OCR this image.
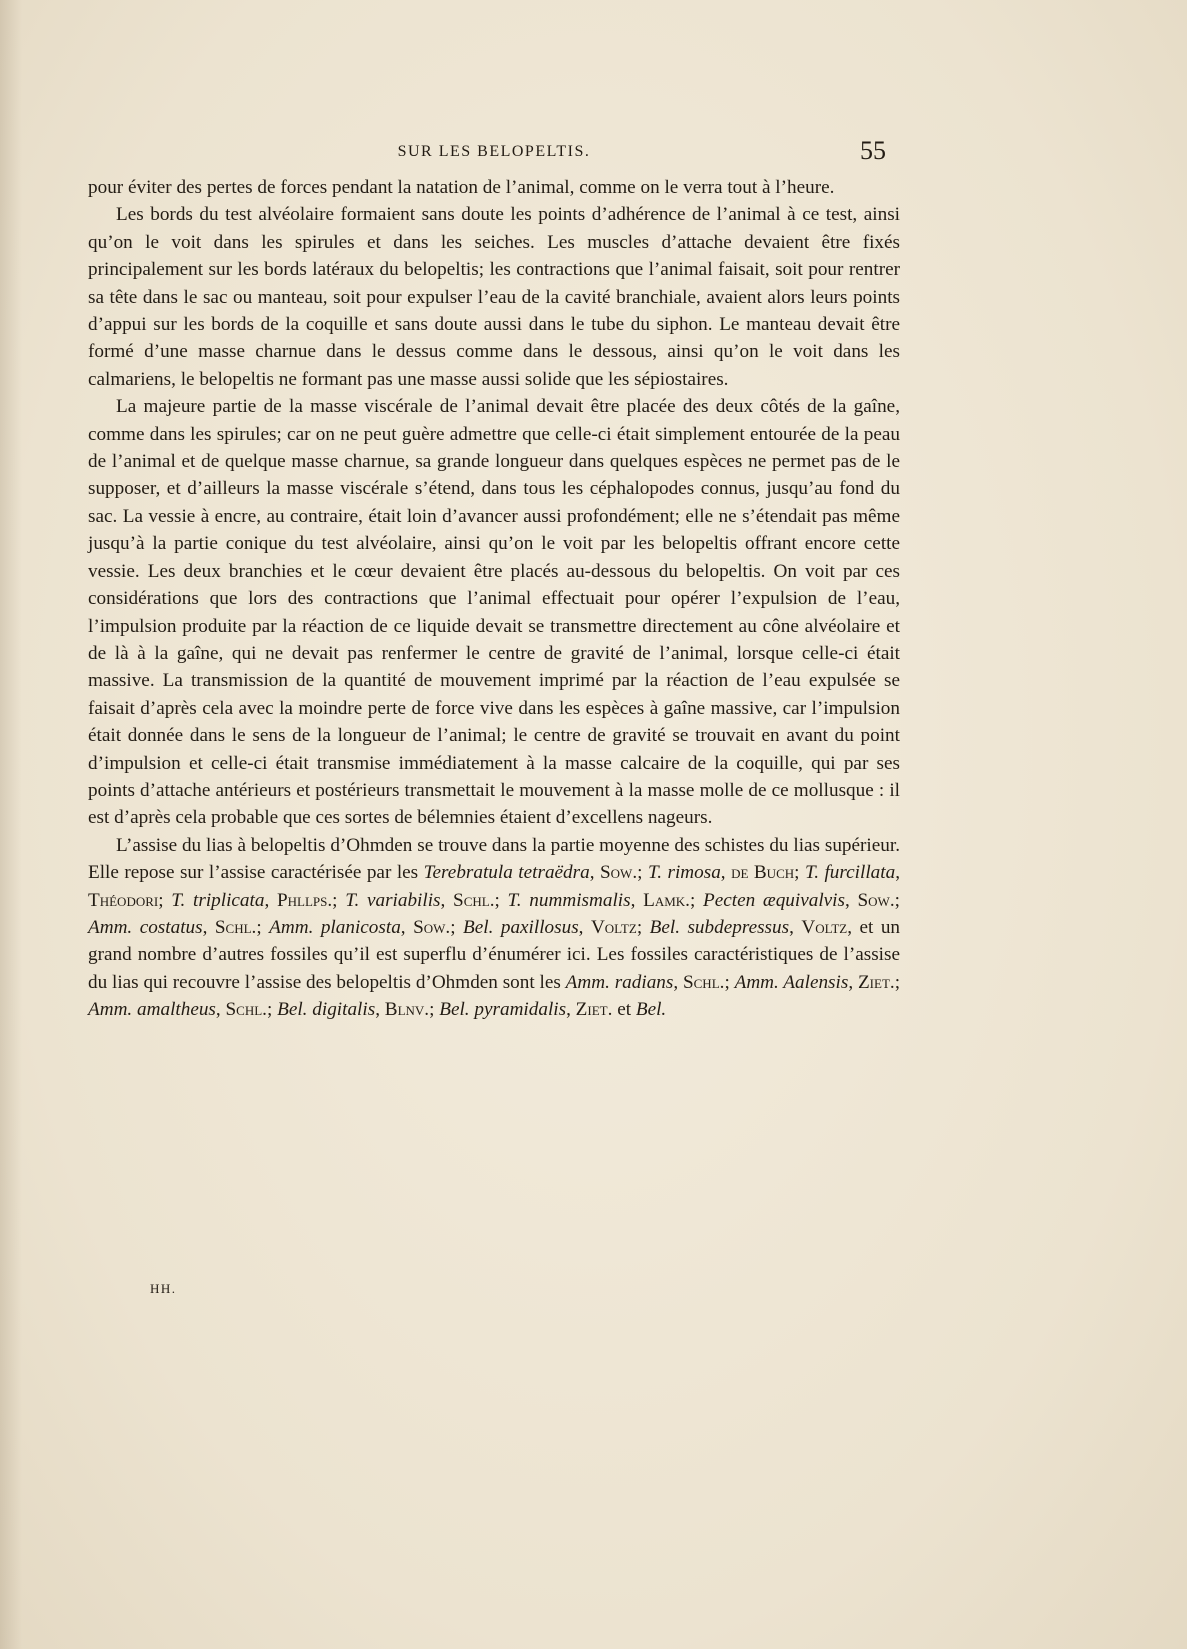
SUR LES BELOPELTIS.	55

pour éviter des pertes de forces pendant la natation de l’animal, comme on le verra tout à l’heure.

Les bords du test alvéolaire formaient sans doute les points d’adhérence de l’animal à ce test, ainsi qu’on le voit dans les spirules et dans les seiches. Les muscles d’attache devaient être fixés principalement sur les bords latéraux du belopeltis; les contractions que l’animal faisait, soit pour rentrer sa tête dans le sac ou manteau, soit pour expulser l’eau de la cavité branchiale, avaient alors leurs points d’appui sur les bords de la coquille et sans doute aussi dans le tube du siphon. Le manteau devait être formé d’une masse charnue dans le dessus comme dans le dessous, ainsi qu’on le voit dans les calmariens, le belopeltis ne formant pas une masse aussi solide que les sépiostaires.

La majeure partie de la masse viscérale de l’animal devait être placée des deux côtés de la gaîne, comme dans les spirules; car on ne peut guère admettre que celle-ci était simplement entourée de la peau de l’animal et de quelque masse charnue, sa grande longueur dans quelques espèces ne permet pas de le supposer, et d’ailleurs la masse viscérale s’étend, dans tous les céphalopodes connus, jusqu’au fond du sac. La vessie à encre, au contraire, était loin d’avancer aussi profondément; elle ne s’étendait pas même jusqu’à la partie conique du test alvéolaire, ainsi qu’on le voit par les belopeltis offrant encore cette vessie. Les deux branchies et le cœur devaient être placés au-dessous du belopeltis. On voit par ces considérations que lors des contractions que l’animal effectuait pour opérer l’expulsion de l’eau, l’impulsion produite par la réaction de ce liquide devait se transmettre directement au cône alvéolaire et de là à la gaîne, qui ne devait pas renfermer le centre de gravité de l’animal, lorsque celle-ci était massive. La transmission de la quantité de mouvement imprimé par la réaction de l’eau expulsée se faisait d’après cela avec la moindre perte de force vive dans les espèces à gaîne massive, car l’impulsion était donnée dans le sens de la longueur de l’animal; le centre de gravité se trouvait en avant du point d’impulsion et celle-ci était transmise immédiatement à la masse calcaire de la coquille, qui par ses points d’attache antérieurs et postérieurs transmettait le mouvement à la masse molle de ce mollusque : il est d’après cela probable que ces sortes de bélemnies étaient d’excellens nageurs.

L’assise du lias à belopeltis d’Ohmden se trouve dans la partie moyenne des schistes du lias supérieur. Elle repose sur l’assise caractérisée par les Terebratula tetraëdra, Sow.; T. rimosa, de Buch; T. furcillata, Théodori; T. triplicata, Phllps.; T. variabilis, Schl.; T. nummismalis, Lamk.; Pecten æquivalvis, Sow.; Amm. costatus, Schl.; Amm. planicosta, Sow.; Bel. paxillosus, Voltz; Bel. subdepressus, Voltz, et un grand nombre d’autres fossiles qu’il est superflu d’énumérer ici. Les fossiles caractéristiques de l’assise du lias qui recouvre l’assise des belopeltis d’Ohmden sont les Amm. radians, Schl.; Amm. Aalensis, Ziet.; Amm. amaltheus, Schl.; Bel. digitalis, Blnv.; Bel. pyramidalis, Ziet. et Bel.

HH.
